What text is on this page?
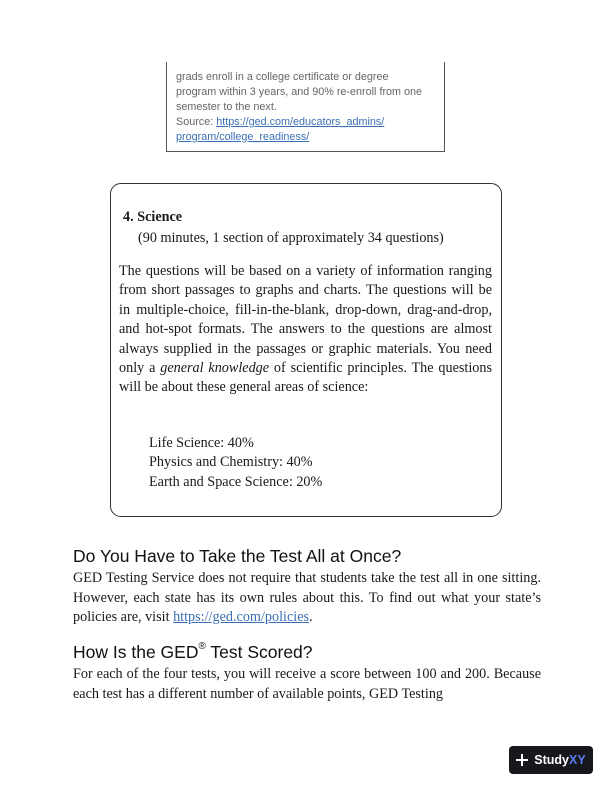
grads enroll in a college certificate or degree
program within 3 years, and 90% re-enroll from one
semester to the next.
Source: https://ged.com/educators_admins/
program/college_readiness/
4. Science
(90 minutes, 1 section of approximately 34 questions)
The questions will be based on a variety of information ranging from short passages to graphs and charts. The questions will be in multiple-choice, fill-in-the-blank, drop-down, drag-and-drop, and hot-spot formats. The answers to the questions are almost always supplied in the passages or graphic materials. You need only a general knowledge of scientific principles. The questions will be about these general areas of science:
Life Science: 40%
Physics and Chemistry: 40%
Earth and Space Science: 20%
Do You Have to Take the Test All at Once?
GED Testing Service does not require that students take the test all in one sitting. However, each state has its own rules about this. To find out what your state’s policies are, visit https://ged.com/policies.
How Is the GED® Test Scored?
For each of the four tests, you will receive a score between 100 and 200. Because each test has a different number of available points, GED Testing
Study XY
